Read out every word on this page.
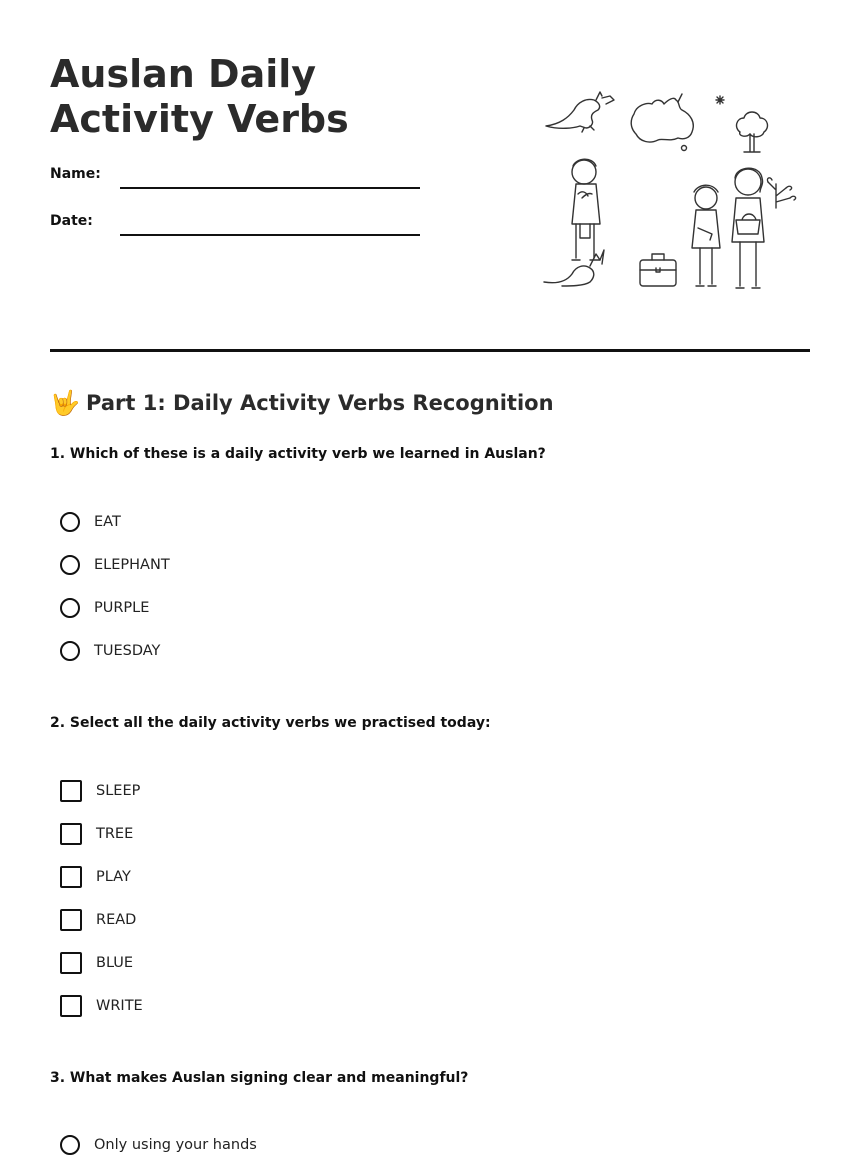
Auslan Daily Activity Verbs
Name:
Date:
🤟 Part 1: Daily Activity Verbs Recognition
1. Which of these is a daily activity verb we learned in Auslan?
EAT
ELEPHANT
PURPLE
TUESDAY
2. Select all the daily activity verbs we practised today:
SLEEP
TREE
PLAY
READ
BLUE
WRITE
3. What makes Auslan signing clear and meaningful?
Only using your hands
